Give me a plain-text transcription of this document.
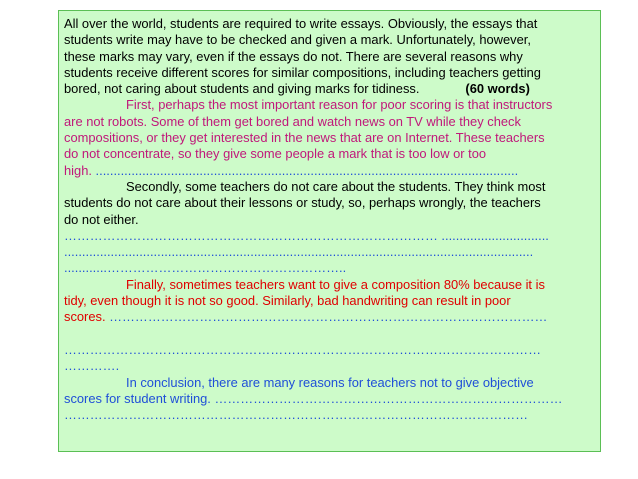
All over the world, students are required to write essays. Obviously, the essays that
students write may have to be checked and given a mark. Unfortunately, however,
these marks may vary, even if the essays do not. There are several reasons why
students receive different scores for similar compositions, including teachers getting
bored, not caring about students and giving marks for tidiness.	(60 words)
First, perhaps the most important reason for poor scoring is that instructors
are not robots. Some of them get bored and watch news on TV while they check
compositions, or they get interested in the news that are on Internet. These teachers
do not concentrate, so they give some people a mark that is too low or too
high. ......................................................................................................................
Secondly, some teachers do not care about the students. They think most
students do not care about their lessons or study, so, perhaps wrongly, the teachers
do not either.
…………………………………………………………………………… ..............................
...................................................................................................................................
............………………………………………………..
Finally, sometimes teachers want to give a composition 80% because it is
tidy, even though it is not so good. Similarly, bad handwriting can result in poor
scores. …………………………………………………………………………………………
…………………………………………………………………………………………………
………….
In conclusion, there are many reasons for teachers not to give objective
scores for student writing. ………………………………………………………………………
………………………………………………………………………………………………
